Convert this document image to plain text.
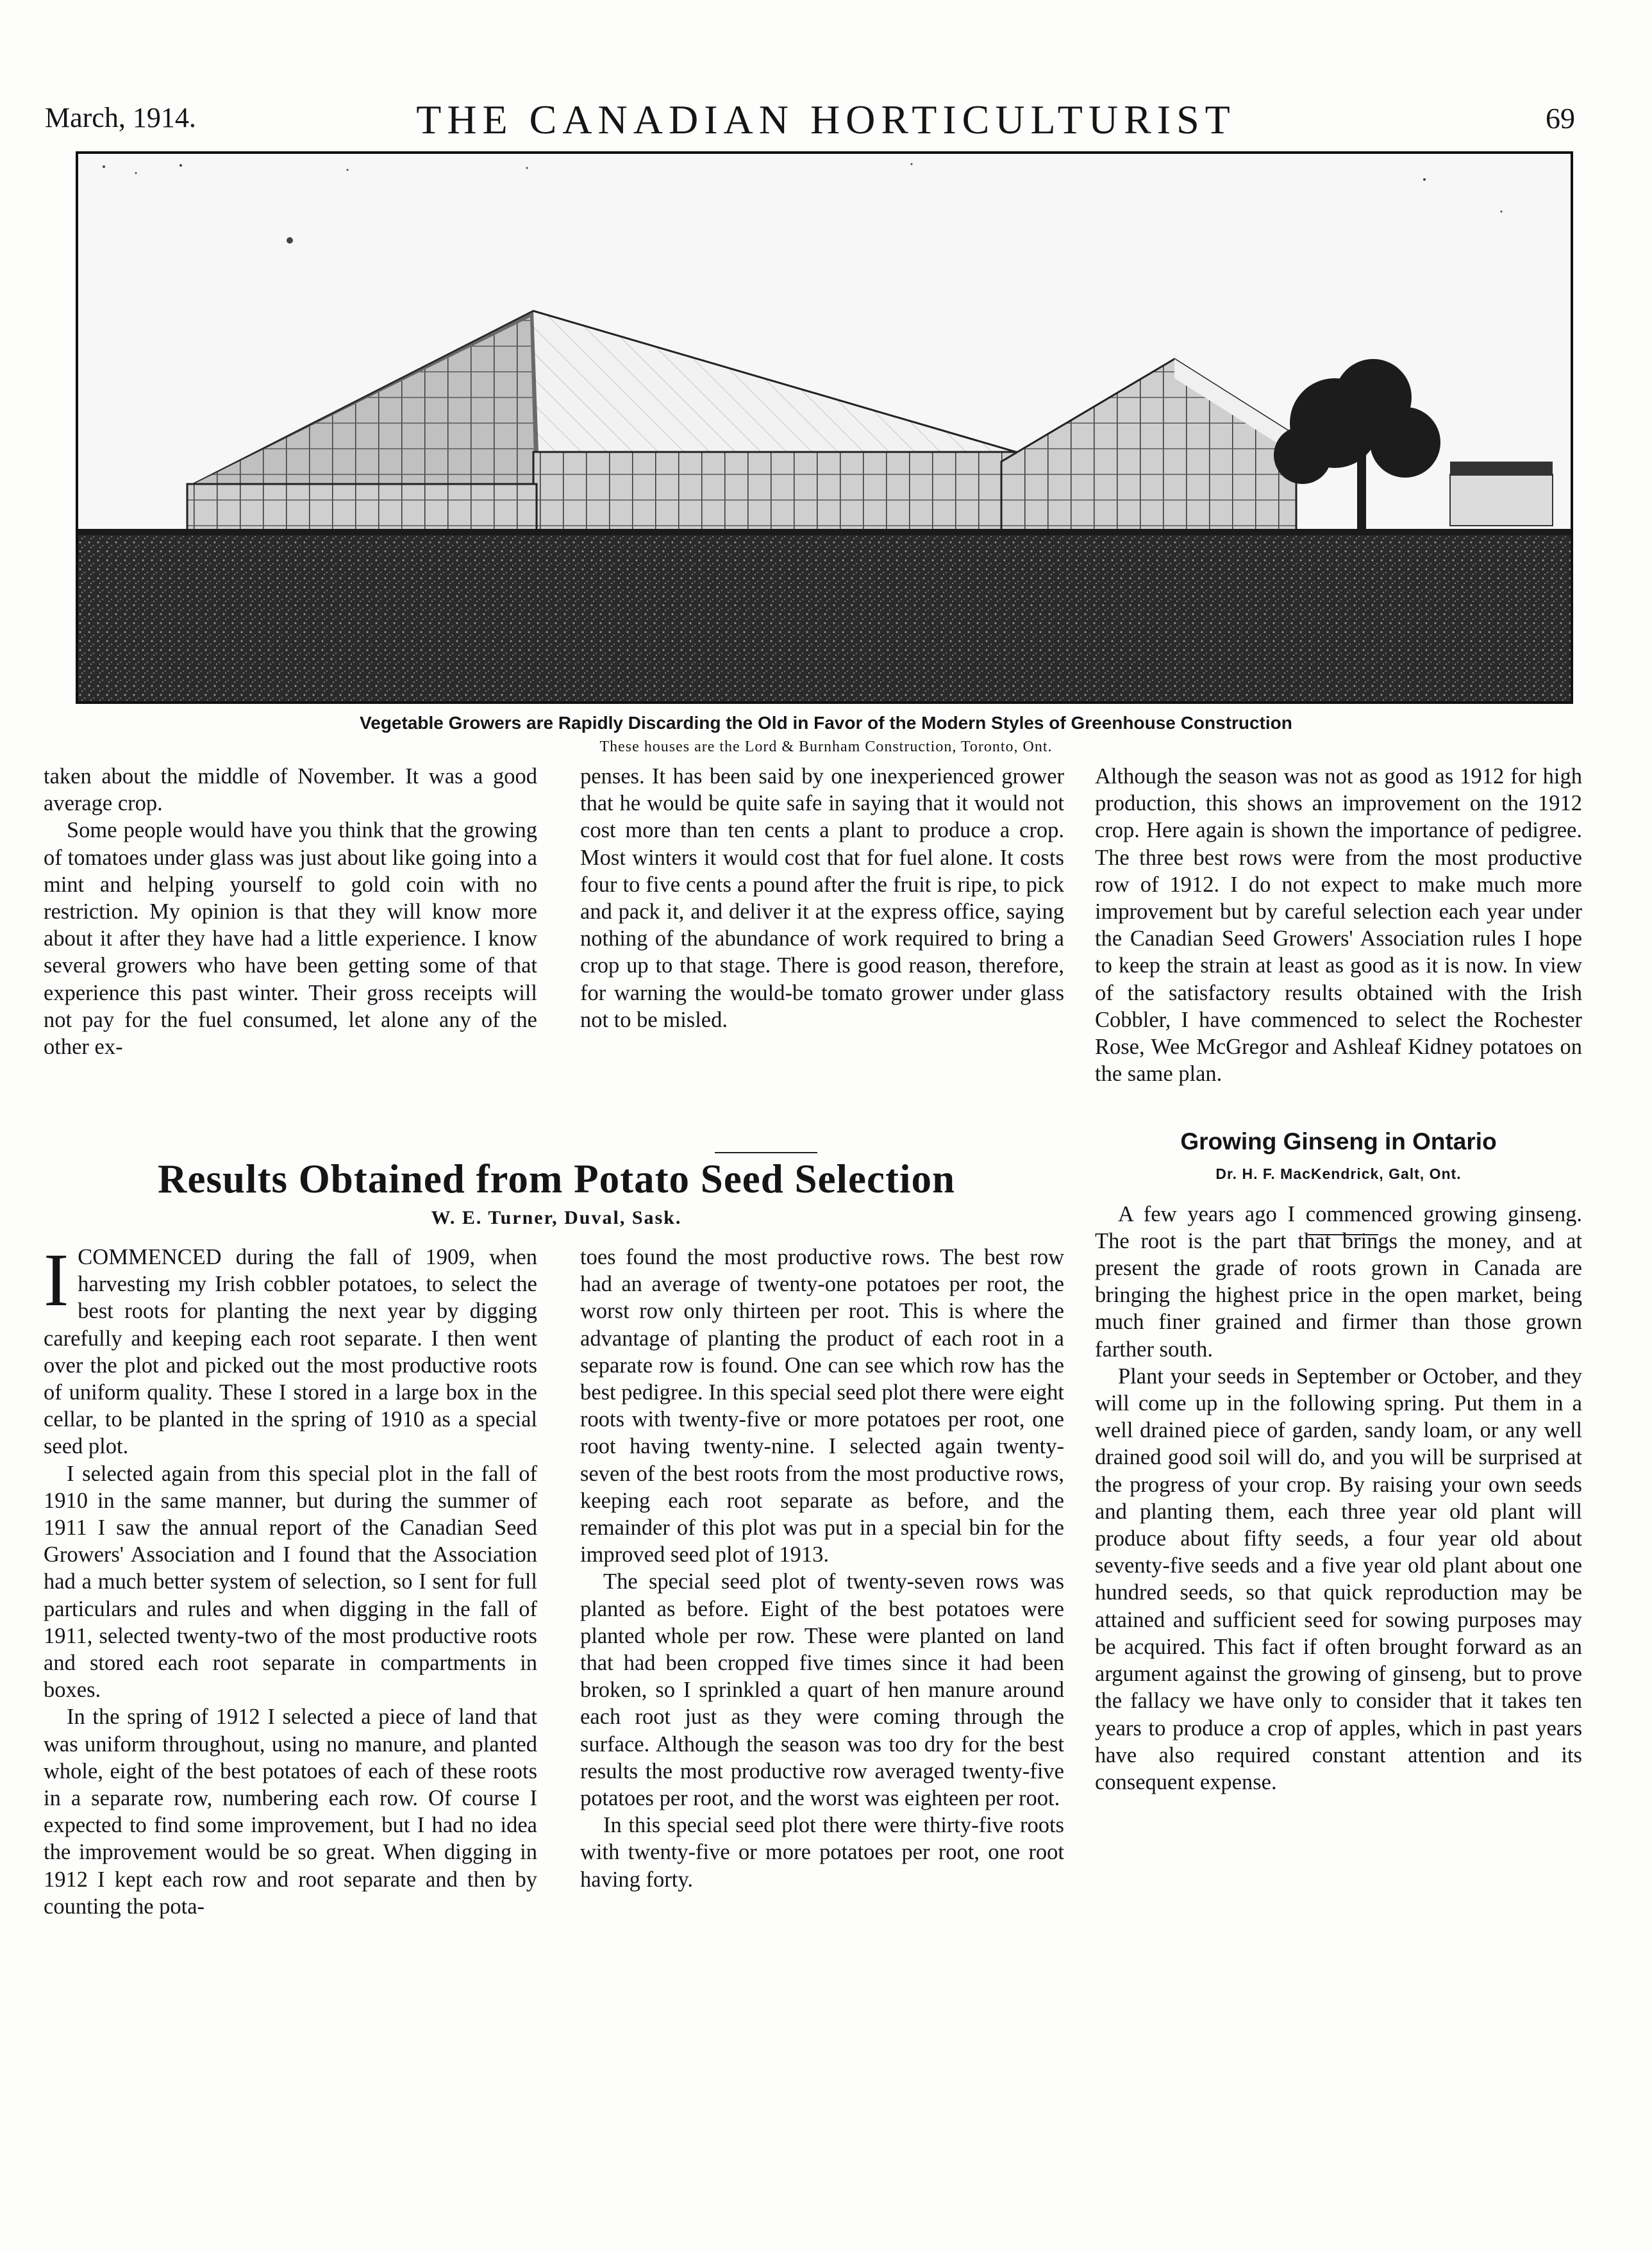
March, 1914.	THE CANADIAN HORTICULTURIST	69
Vegetable Growers are Rapidly Discarding the Old in Favor of the Modern Styles of Greenhouse Construction
These houses are the Lord & Burnham Construction, Toronto, Ont.

taken about the middle of November. It was a good average crop.

Some people would have you think that the growing of tomatoes under glass was just about like going into a mint and helping yourself to gold coin with no restriction. My opinion is that they will know more about it after they have had a little experience. I know several growers who have been getting some of that experience this past winter. Their gross receipts will not pay for the fuel consumed, let alone any of the other ex-

penses. It has been said by one inexperienced grower that he would be quite safe in saying that it would not cost more than ten cents a plant to produce a crop. Most winters it would cost that for fuel alone. It costs four to five cents a pound after the fruit is ripe, to pick and pack it, and deliver it at the express office, saying nothing of the abundance of work required to bring a crop up to that stage. There is good reason, therefore, for warning the would-be tomato grower under glass not to be misled.

Although the season was not as good as 1912 for high production, this shows an improvement on the 1912 crop. Here again is shown the importance of pedigree. The three best rows were from the most productive row of 1912. I do not expect to make much more improvement but by careful selection each year under the Canadian Seed Growers' Association rules I hope to keep the strain at least as good as it is now. In view of the satisfactory results obtained with the Irish Cobbler, I have commenced to select the Rochester Rose, Wee McGregor and Ashleaf Kidney potatoes on the same plan.

Growing Ginseng in Ontario
Dr. H. F. MacKendrick, Galt, Ont.

A few years ago I commenced growing ginseng. The root is the part that brings the money, and at present the grade of roots grown in Canada are bringing the highest price in the open market, being much finer grained and firmer than those grown farther south.

Plant your seeds in September or October, and they will come up in the following spring. Put them in a well drained piece of garden, sandy loam, or any well drained good soil will do, and you will be surprised at the progress of your crop. By raising your own seeds and planting them, each three year old plant will produce about fifty seeds, a four year old about seventy-five seeds and a five year old plant about one hundred seeds, so that quick reproduction may be attained and sufficient seed for sowing purposes may be acquired. This fact if often brought forward as an argument against the growing of ginseng, but to prove the fallacy we have only to consider that it takes ten years to produce a crop of apples, which in past years have also required constant attention and its consequent expense.

Results Obtained from Potato Seed Selection
W. E. Turner, Duval, Sask.

ICOMMENCED during the fall of 1909, when harvesting my Irish cobbler potatoes, to select the best roots for planting the next year by digging carefully and keeping each root separate. I then went over the plot and picked out the most productive roots of uniform quality. These I stored in a large box in the cellar, to be planted in the spring of 1910 as a special seed plot.

I selected again from this special plot in the fall of 1910 in the same manner, but during the summer of 1911 I saw the annual report of the Canadian Seed Growers' Association and I found that the Association had a much better system of selection, so I sent for full particulars and rules and when digging in the fall of 1911, selected twenty-two of the most productive roots and stored each root separate in compartments in boxes.

In the spring of 1912 I selected a piece of land that was uniform throughout, using no manure, and planted whole, eight of the best potatoes of each of these roots in a separate row, numbering each row. Of course I expected to find some improvement, but I had no idea the improvement would be so great. When digging in 1912 I kept each row and root separate and then by counting the pota-

toes found the most productive rows. The best row had an average of twenty-one potatoes per root, the worst row only thirteen per root. This is where the advantage of planting the product of each root in a separate row is found. One can see which row has the best pedigree. In this special seed plot there were eight roots with twenty-five or more potatoes per root, one root having twenty-nine. I selected again twenty-seven of the best roots from the most productive rows, keeping each root separate as before, and the remainder of this plot was put in a special bin for the improved seed plot of 1913.

The special seed plot of twenty-seven rows was planted as before. Eight of the best potatoes were planted whole per row. These were planted on land that had been cropped five times since it had been broken, so I sprinkled a quart of hen manure around each root just as they were coming through the surface. Although the season was too dry for the best results the most productive row averaged twenty-five potatoes per root, and the worst was eighteen per root.

In this special seed plot there were thirty-five roots with twenty-five or more potatoes per root, one root having forty.
